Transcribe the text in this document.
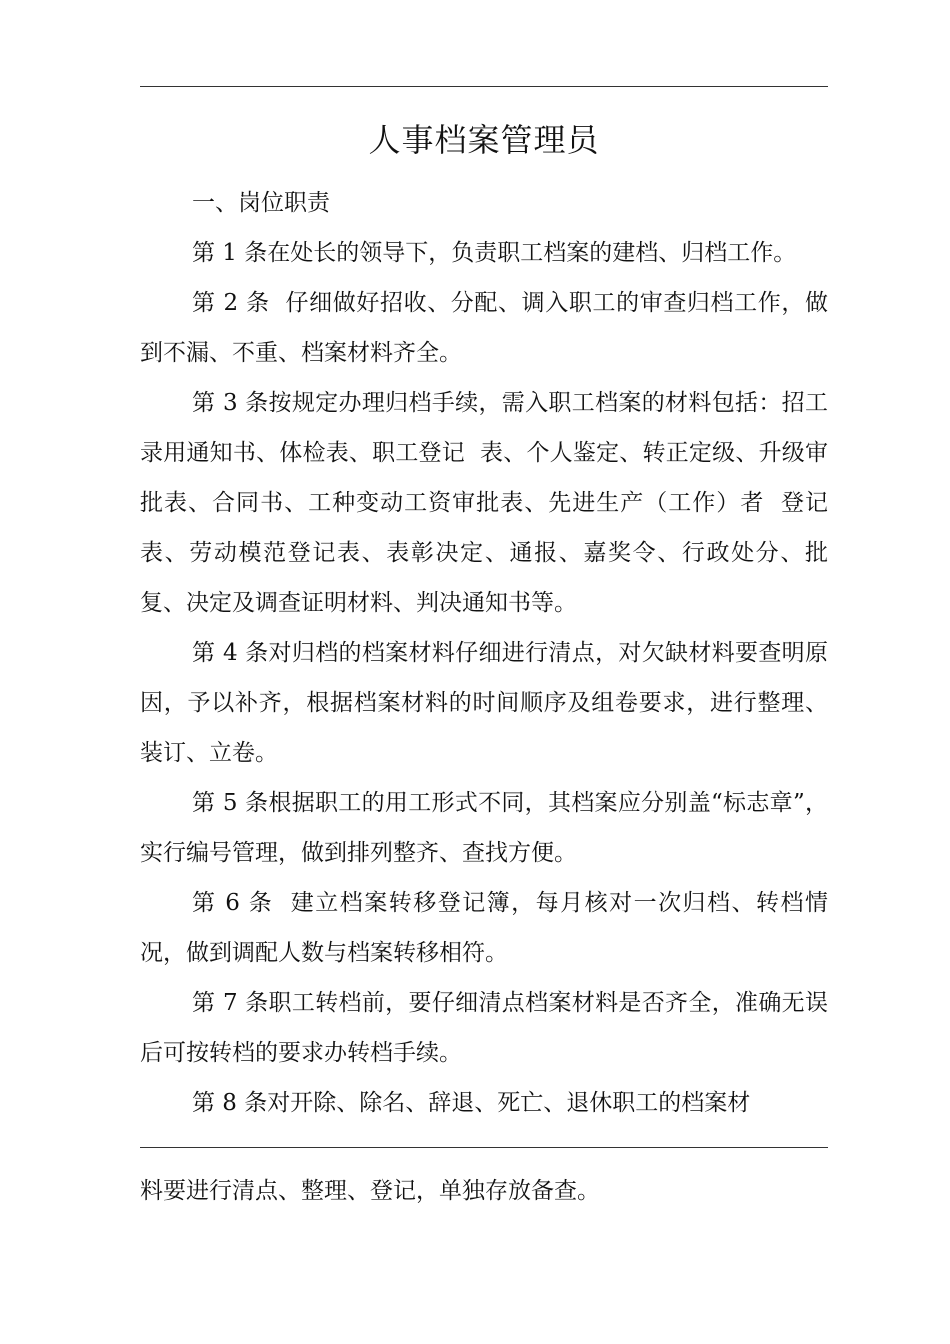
人事档案管理员

一、岗位职责

第 1 条在处长的领导下，负责职工档案的建档、归档工作。

第 2 条  仔细做好招收、分配、调入职工的审查归档工作，做到不漏、不重、档案材料齐全。

第 3 条按规定办理归档手续，需入职工档案的材料包括：招工录用通知书、体检表、职工登记  表、个人鉴定、转正定级、升级审批表、合同书、工种变动工资审批表、先进生产（工作）者  登记表、劳动模范登记表、表彰决定、通报、嘉奖令、行政处分、批复、决定及调查证明材料、判决通知书等。

第 4 条对归档的档案材料仔细进行清点，对欠缺材料要查明原因，予以补齐，根据档案材料的时间顺序及组卷要求，进行整理、装订、立卷。

第 5 条根据职工的用工形式不同，其档案应分别盖“标志章”，实行编号管理，做到排列整齐、查找方便。

第 6 条  建立档案转移登记簿，每月核对一次归档、转档情况，做到调配人数与档案转移相符。

第 7 条职工转档前，要仔细清点档案材料是否齐全，准确无误后可按转档的要求办转档手续。

第 8 条对开除、除名、辞退、死亡、退休职工的档案材

料要进行清点、整理、登记，单独存放备查。
